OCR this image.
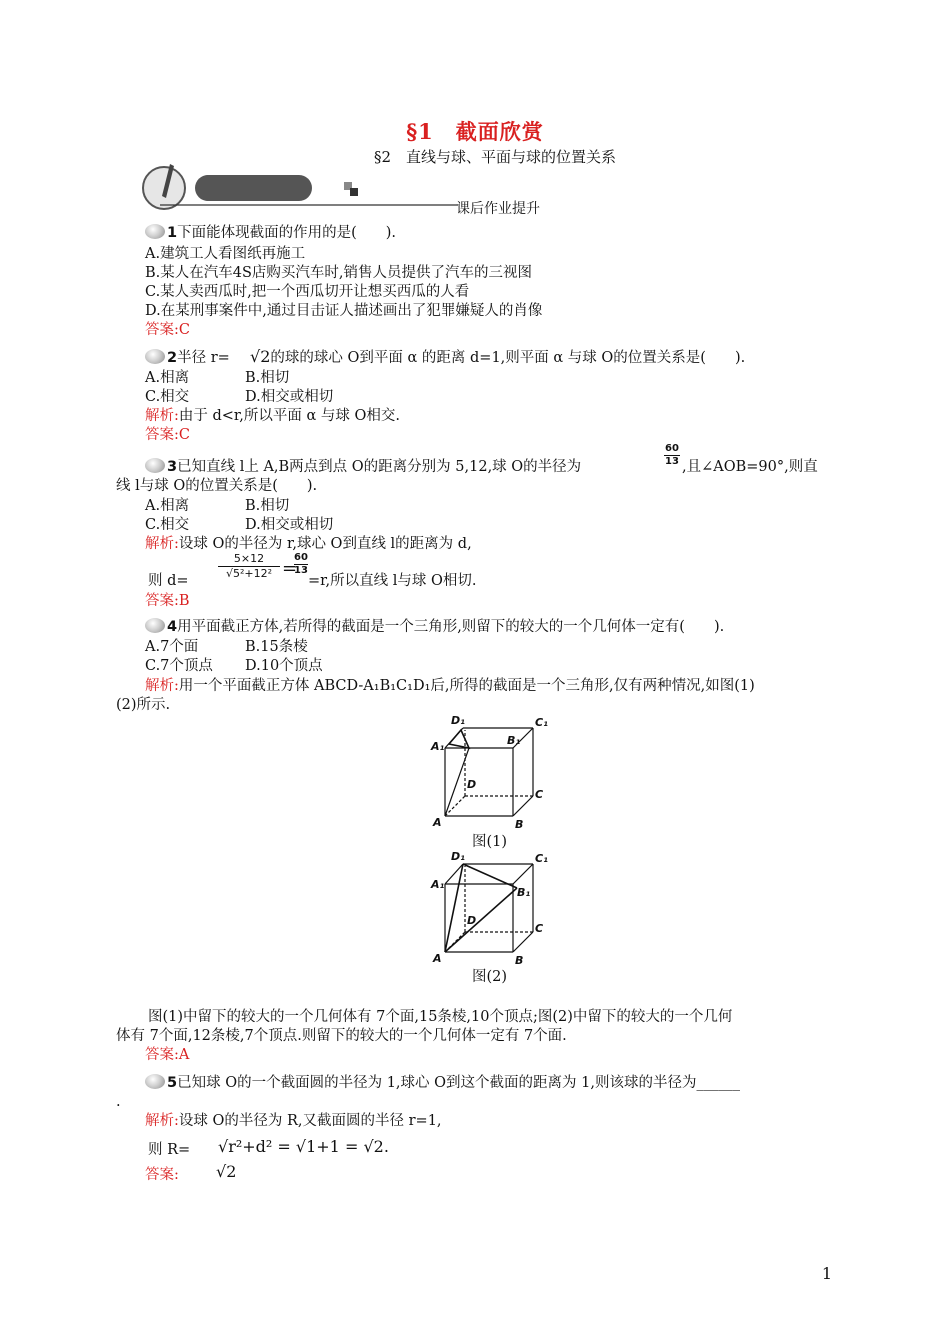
§1　截面欣赏
§2　直线与球、平面与球的位置关系
课后作业提升
1下面能体现截面的作用的是(　　).
A.建筑工人看图纸再施工
B.某人在汽车4S店购买汽车时,销售人员提供了汽车的三视图
C.某人卖西瓜时,把一个西瓜切开让想买西瓜的人看
D.在某刑事案件中,通过目击证人描述画出了犯罪嫌疑人的肖像
答案:C
2半径 r= √2的球的球心 O到平面 α 的距离 d=1,则平面 α 与球 O的位置关系是(　　).
A.相离	B.相切
C.相交	D.相交或相切
解析:由于 d<r,所以平面 α 与球 O相交.
答案:C
3已知直线 l上 A,B两点到点 O的距离分别为 5,12,球 O的半径为
60
13 ,且∠AOB=90°,则直
线 l与球 O的位置关系是(　　).
A.相离	B.相切
C.相交	D.相交或相切
解析:设球 O的半径为 r,球心 O到直线 l的距离为 d,
则 d=
5×12
√5²+12² =
60
13
=r,所以直线 l与球 O相切.
答案:B
4用平面截正方体,若所得的截面是一个三角形,则留下的较大的一个几何体一定有(　　).
A.7个面	B.15条棱
C.7个顶点 D.10个顶点
解析:用一个平面截正方体 ABCD-A₁B₁C₁D₁后,所得的截面是一个三角形,仅有两种情况,如图(1)
(2)所示.
D₁	C₁
A₁	B₁
D
C
A	B
图(1)
D₁	C₁
A₁
B₁
D
C
A	B
图(2)
图(1)中留下的较大的一个几何体有 7个面,15条棱,10个顶点;图(2)中留下的较大的一个几何
体有 7个面,12条棱,7个顶点.则留下的较大的一个几何体一定有 7个面.
答案:A
5已知球 O的一个截面圆的半径为 1,球心 O到这个截面的距离为 1,则该球的半径为______
.
解析:设球 O的半径为 R,又截面圆的半径 r=1,
则 R= √r²+d² = √1+1 = √2.
答案: √2
1
